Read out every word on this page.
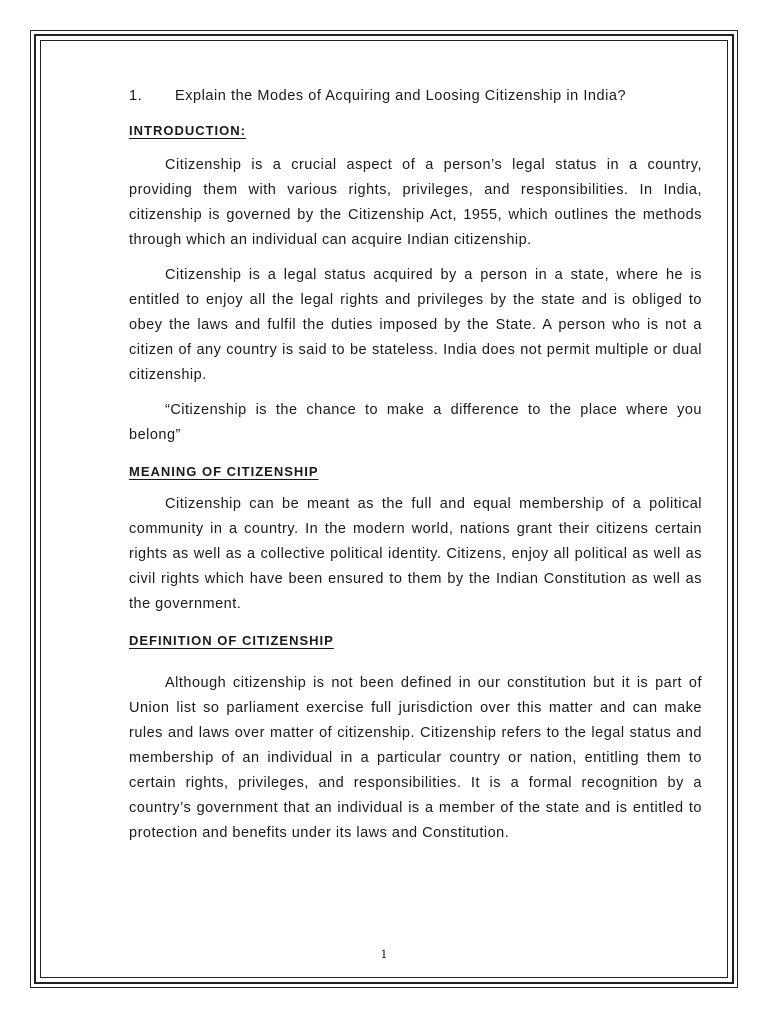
1.	Explain the Modes of Acquiring and Loosing Citizenship in India?
INTRODUCTION:

Citizenship is a crucial aspect of a person’s legal status in a country, providing them with various rights, privileges, and responsibilities. In India, citizenship is governed by the Citizenship Act, 1955, which outlines the methods through which an individual can acquire Indian citizenship.

Citizenship is a legal status acquired by a person in a state, where he is entitled to enjoy all the legal rights and privileges by the state and is obliged to obey the laws and fulfil the duties imposed by the State. A person who is not a citizen of any country is said to be stateless. India does not permit multiple or dual citizenship.

“Citizenship is the chance to make a difference to the place where you belong”

MEANING OF CITIZENSHIP

Citizenship can be meant as the full and equal membership of a political community in a country. In the modern world, nations grant their citizens certain rights as well as a collective political identity. Citizens, enjoy all political as well as civil rights which have been ensured to them by the Indian Constitution as well as the government.

DEFINITION OF CITIZENSHIP

Although citizenship is not been defined in our constitution but it is part of Union list so parliament exercise full jurisdiction over this matter and can make rules and laws over matter of citizenship. Citizenship refers to the legal status and membership of an individual in a particular country or nation, entitling them to certain rights, privileges, and responsibilities. It is a formal recognition by a country’s government that an individual is a member of the state and is entitled to protection and benefits under its laws and Constitution.

1
